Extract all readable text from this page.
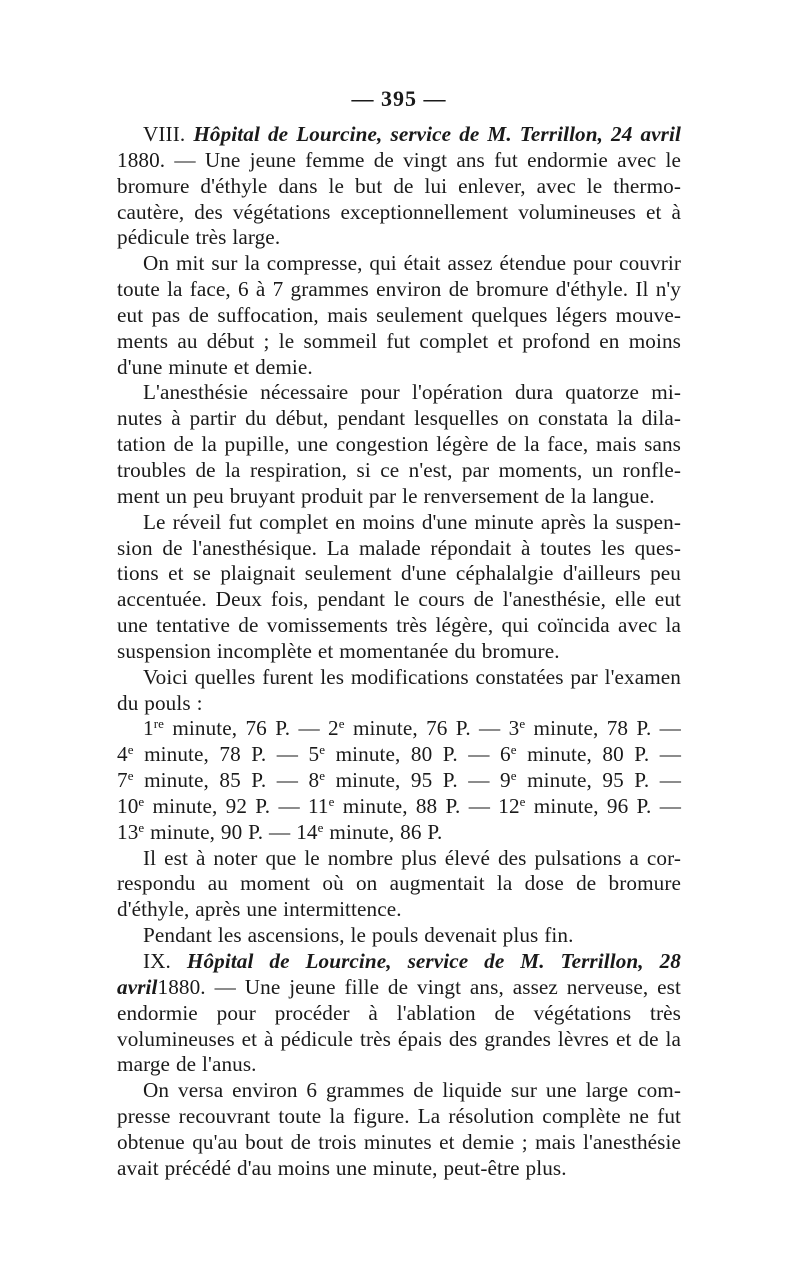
— 395 —

VIII. Hôpital de Lourcine, service de M. Terrillon, 24 avril 1880. — Une jeune femme de vingt ans fut endormie avec le bromure d'éthyle dans le but de lui enlever, avec le thermo-cautère, des végétations exceptionnellement volumineuses et à pédicule très large.

On mit sur la compresse, qui était assez étendue pour couvrir toute la face, 6 à 7 grammes environ de bromure d'éthyle. Il n'y eut pas de suffocation, mais seulement quelques légers mouve-ments au début ; le sommeil fut complet et profond en moins d'une minute et demie.

L'anesthésie nécessaire pour l'opération dura quatorze mi-nutes à partir du début, pendant lesquelles on constata la dila-tation de la pupille, une congestion légère de la face, mais sans troubles de la respiration, si ce n'est, par moments, un ronfle-ment un peu bruyant produit par le renversement de la langue.

Le réveil fut complet en moins d'une minute après la suspen-sion de l'anesthésique. La malade répondait à toutes les ques-tions et se plaignait seulement d'une céphalalgie d'ailleurs peu accentuée. Deux fois, pendant le cours de l'anesthésie, elle eut une tentative de vomissements très légère, qui coïncida avec la suspension incomplète et momentanée du bromure.

Voici quelles furent les modifications constatées par l'examen du pouls :

1re minute, 76 P. — 2e minute, 76 P. — 3e minute, 78 P. — 4e minute, 78 P. — 5e minute, 80 P. — 6e minute, 80 P. — 7e minute, 85 P. — 8e minute, 95 P. — 9e minute, 95 P. — 10e minute, 92 P. — 11e minute, 88 P. — 12e minute, 96 P. — 13e minute, 90 P. — 14e minute, 86 P.

Il est à noter que le nombre plus élevé des pulsations a cor-respondu au moment où on augmentait la dose de bromure d'éthyle, après une intermittence.

Pendant les ascensions, le pouls devenait plus fin.

IX. Hôpital de Lourcine, service de M. Terrillon, 28 avril1880. — Une jeune fille de vingt ans, assez nerveuse, est endormie pour procéder à l'ablation de végétations très volumineuses et à pédicule très épais des grandes lèvres et de la marge de l'anus.

On versa environ 6 grammes de liquide sur une large com-presse recouvrant toute la figure. La résolution complète ne fut obtenue qu'au bout de trois minutes et demie ; mais l'anesthésie avait précédé d'au moins une minute, peut-être plus.
